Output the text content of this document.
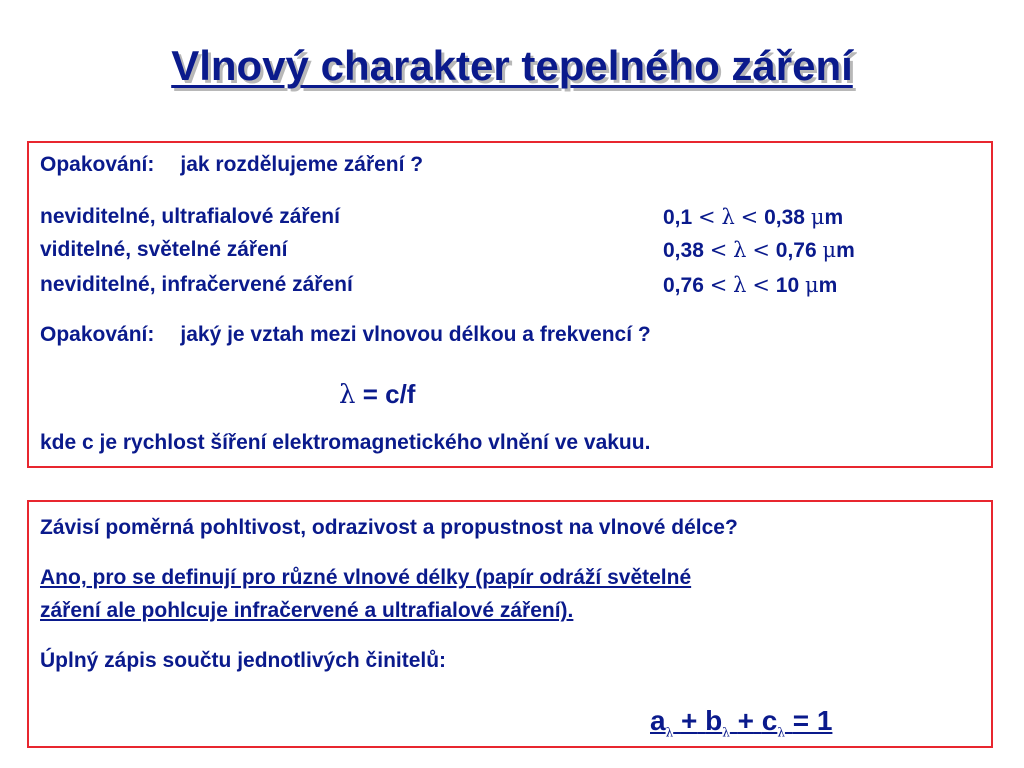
Vlnový charakter tepelného záření
Opakování: jak rozdělujeme záření ?
neviditelné, ultrafialové záření	0,1 < λ < 0,38 μm
viditelné, světelné záření	0,38 < λ < 0,76 μm
neviditelné, infračervené záření	0,76 < λ < 10 μm
Opakování: jaký je vztah mezi vlnovou délkou a frekvencí ?
λ = c/f
kde c je rychlost šíření elektromagnetického vlnění ve vakuu.
Závisí poměrná pohltivost, odrazivost a propustnost na vlnové délce?
Ano, pro se definují pro různé vlnové délky (papír odráží světelné
záření ale pohlcuje infračervené a ultrafialové záření).
Úplný zápis součtu jednotlivých činitelů:
$a_\lambda + b_\lambda + c_\lambda = 1$
